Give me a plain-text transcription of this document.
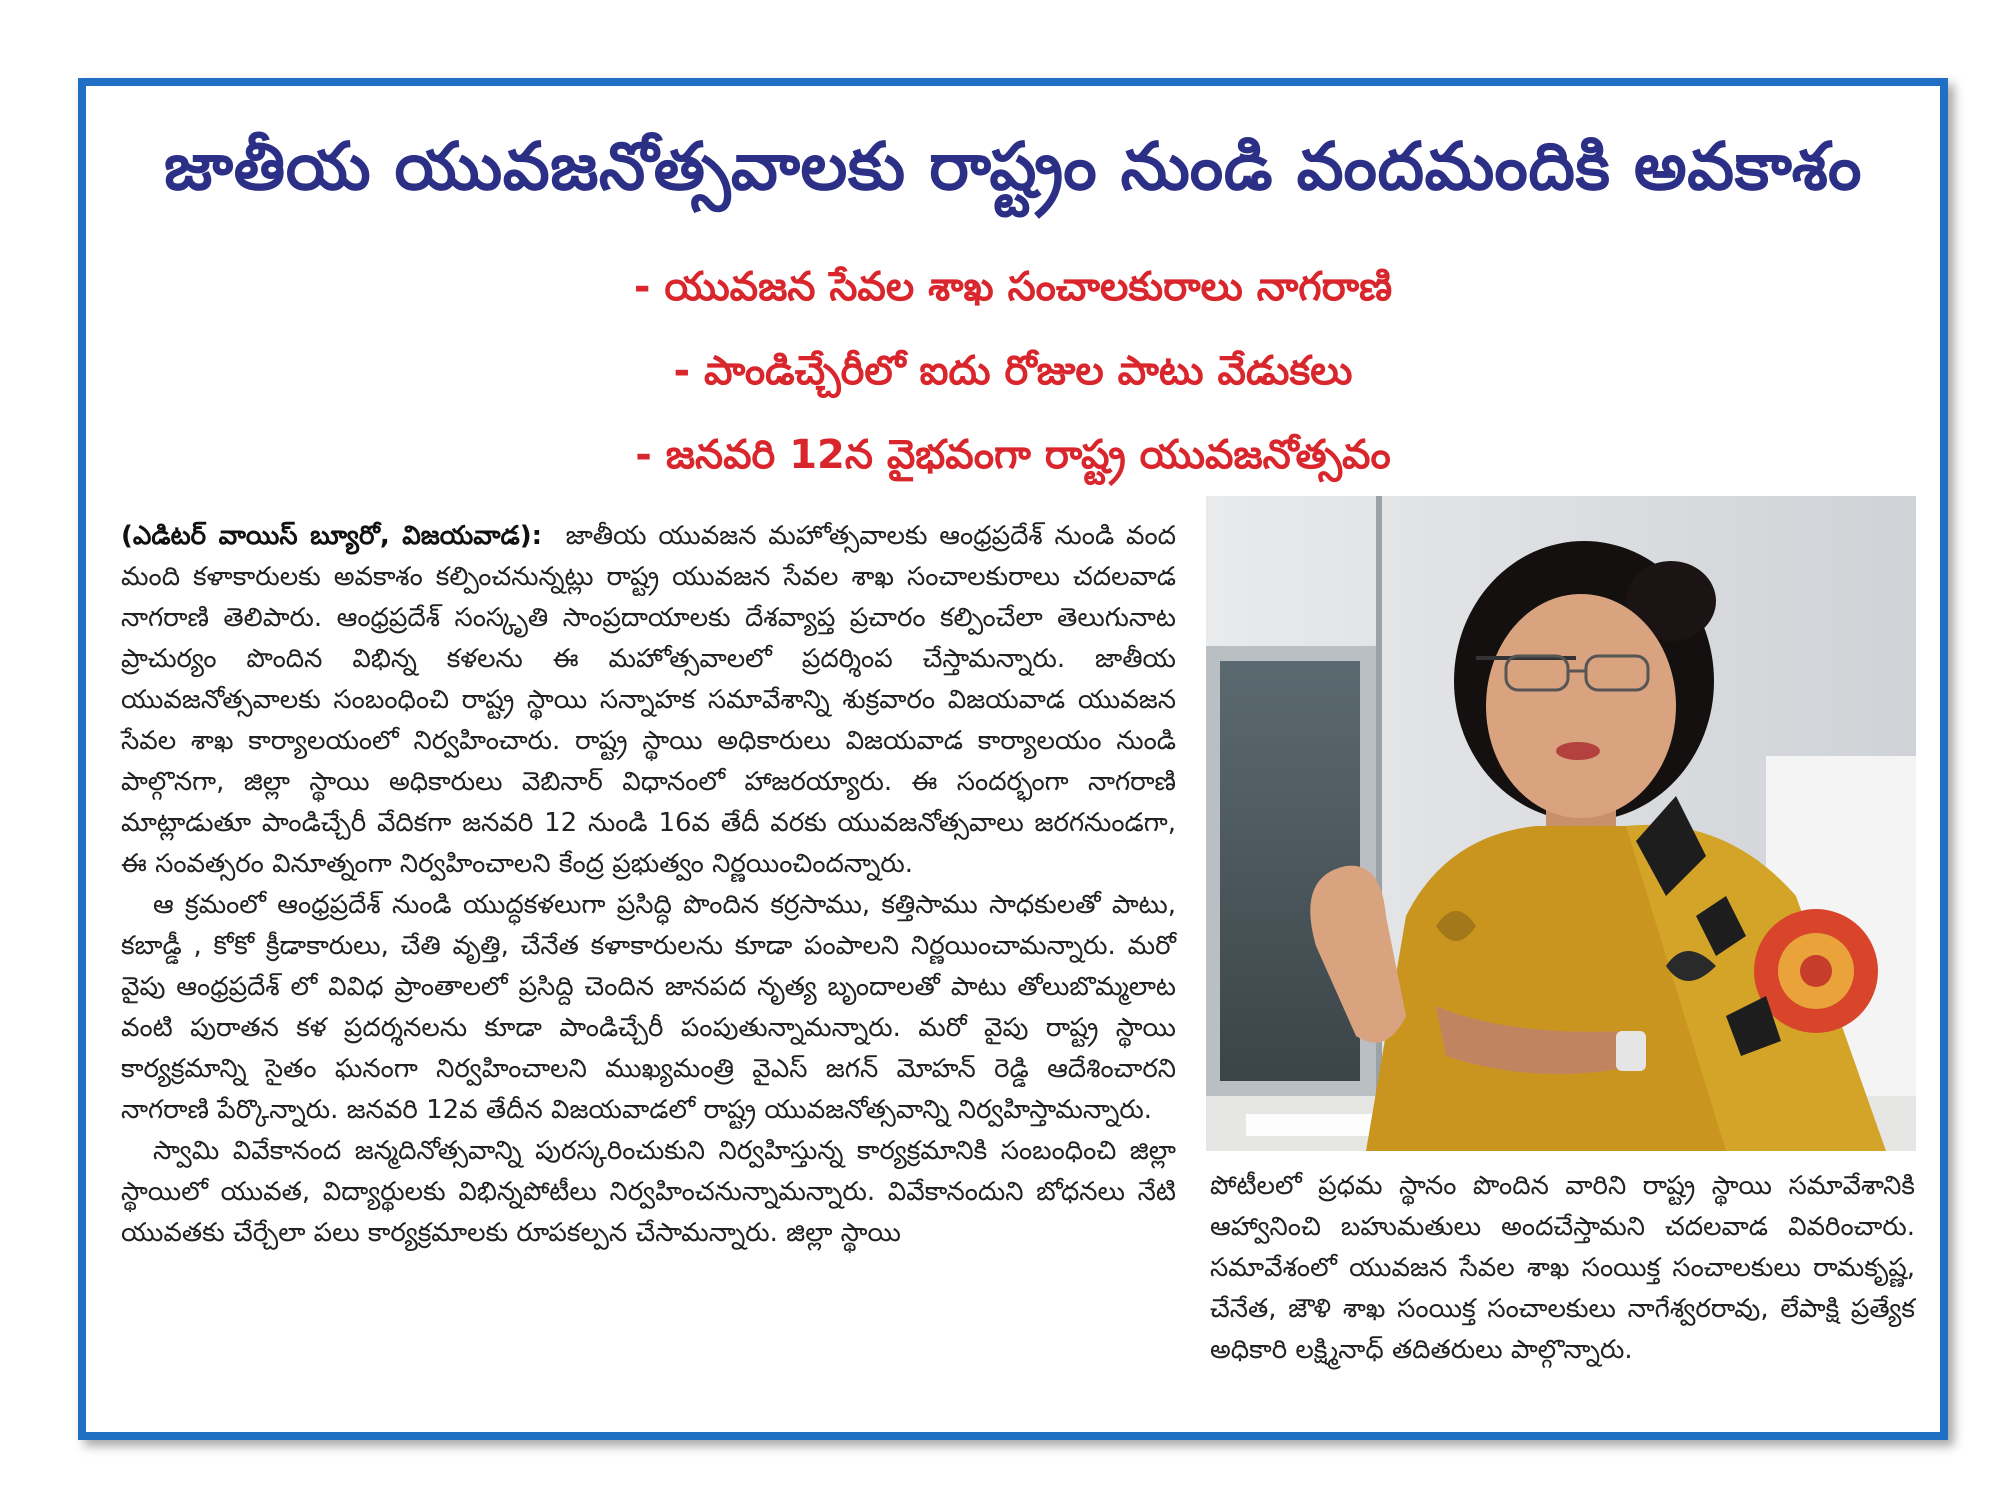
జాతీయ యువజనోత్సవాలకు రాష్ట్రం నుండి వందమందికి అవకాశం
- యువజన సేవల శాఖ సంచాలకురాలు నాగరాణి
- పాండిచ్చేరీలో ఐదు రోజుల పాటు వేడుకలు
- జనవరి 12న వైభవంగా రాష్ట్ర యువజనోత్సవం

(ఎడిటర్ వాయిస్ బ్యూరో, విజయవాడ): జాతీయ యువజన మహోత్సవాలకు ఆంధ్రప్రదేశ్ నుండి వంద మంది కళాకారులకు అవకాశం కల్పించనున్నట్లు రాష్ట్ర యువజన సేవల శాఖ సంచాలకురాలు చదలవాడ నాగరాణి తెలిపారు. ఆంధ్రప్రదేశ్ సంస్కృతి సాంప్రదాయాలకు దేశవ్యాప్త ప్రచారం కల్పించేలా తెలుగునాట ప్రాచుర్యం పొందిన విభిన్న కళలను ఈ మహోత్సవాలలో ప్రదర్శింప చేస్తామన్నారు. జాతీయ యువజనోత్సవాలకు సంబంధించి రాష్ట్ర స్థాయి సన్నాహక సమావేశాన్ని శుక్రవారం విజయవాడ యువజన సేవల శాఖ కార్యాలయంలో నిర్వహించారు. రాష్ట్ర స్థాయి అధికారులు విజయవాడ కార్యాలయం నుండి పాల్గొనగా, జిల్లా స్థాయి అధికారులు వెబినార్ విధానంలో హాజరయ్యారు. ఈ సందర్భంగా నాగరాణి మాట్లాడుతూ పాండిచ్చేరీ వేదికగా జనవరి 12 నుండి 16వ తేదీ వరకు యువజనోత్సవాలు జరగనుండగా, ఈ సంవత్సరం వినూత్నంగా నిర్వహించాలని కేంద్ర ప్రభుత్వం నిర్ణయించిందన్నారు.

ఆ క్రమంలో ఆంధ్రప్రదేశ్ నుండి యుద్ధకళలుగా ప్రసిద్ధి పొందిన కర్రసాము, కత్తిసాము సాధకులతో పాటు, కబాడ్డీ , కోకో క్రీడాకారులు, చేతి వృత్తి, చేనేత కళాకారులను కూడా పంపాలని నిర్ణయించామన్నారు. మరో వైపు ఆంధ్రప్రదేశ్ లో వివిధ ప్రాంతాలలో ప్రసిద్ది చెందిన జానపద నృత్య బృందాలతో పాటు తోలుబొమ్మలాట వంటి పురాతన కళ ప్రదర్శనలను కూడా పాండిచ్చేరీ పంపుతున్నామన్నారు. మరో వైపు రాష్ట్ర స్థాయి కార్యక్రమాన్ని సైతం ఘనంగా నిర్వహించాలని ముఖ్యమంత్రి వైఎస్ జగన్ మోహన్ రెడ్డి ఆదేశించారని నాగరాణి పేర్కొన్నారు. జనవరి 12వ తేదీన విజయవాడలో రాష్ట్ర యువజనోత్సవాన్ని నిర్వహిస్తామన్నారు.

స్వామి వివేకానంద జన్మదినోత్సవాన్ని పురస్కరించుకుని నిర్వహిస్తున్న కార్యక్రమానికి సంబంధించి జిల్లా స్థాయిలో యువత, విద్యార్థులకు విభిన్నపోటీలు నిర్వహించనున్నామన్నారు. వివేకానందుని బోధనలు నేటి యువతకు చేర్చేలా పలు కార్యక్రమాలకు రూపకల్పన చేసామన్నారు. జిల్లా స్థాయి

పోటీలలో ప్రధమ స్థానం పొందిన వారిని రాష్ట్ర స్థాయి సమావేశానికి ఆహ్వానించి బహుమతులు అందచేస్తామని చదలవాడ వివరించారు. సమావేశంలో యువజన సేవల శాఖ సంయిక్త సంచాలకులు రామకృష్ణ, చేనేత, జౌళి శాఖ సంయిక్త సంచాలకులు నాగేశ్వరరావు, లేపాక్షి ప్రత్యేక అధికారి లక్ష్మినాధ్ తదితరులు పాల్గొన్నారు.
